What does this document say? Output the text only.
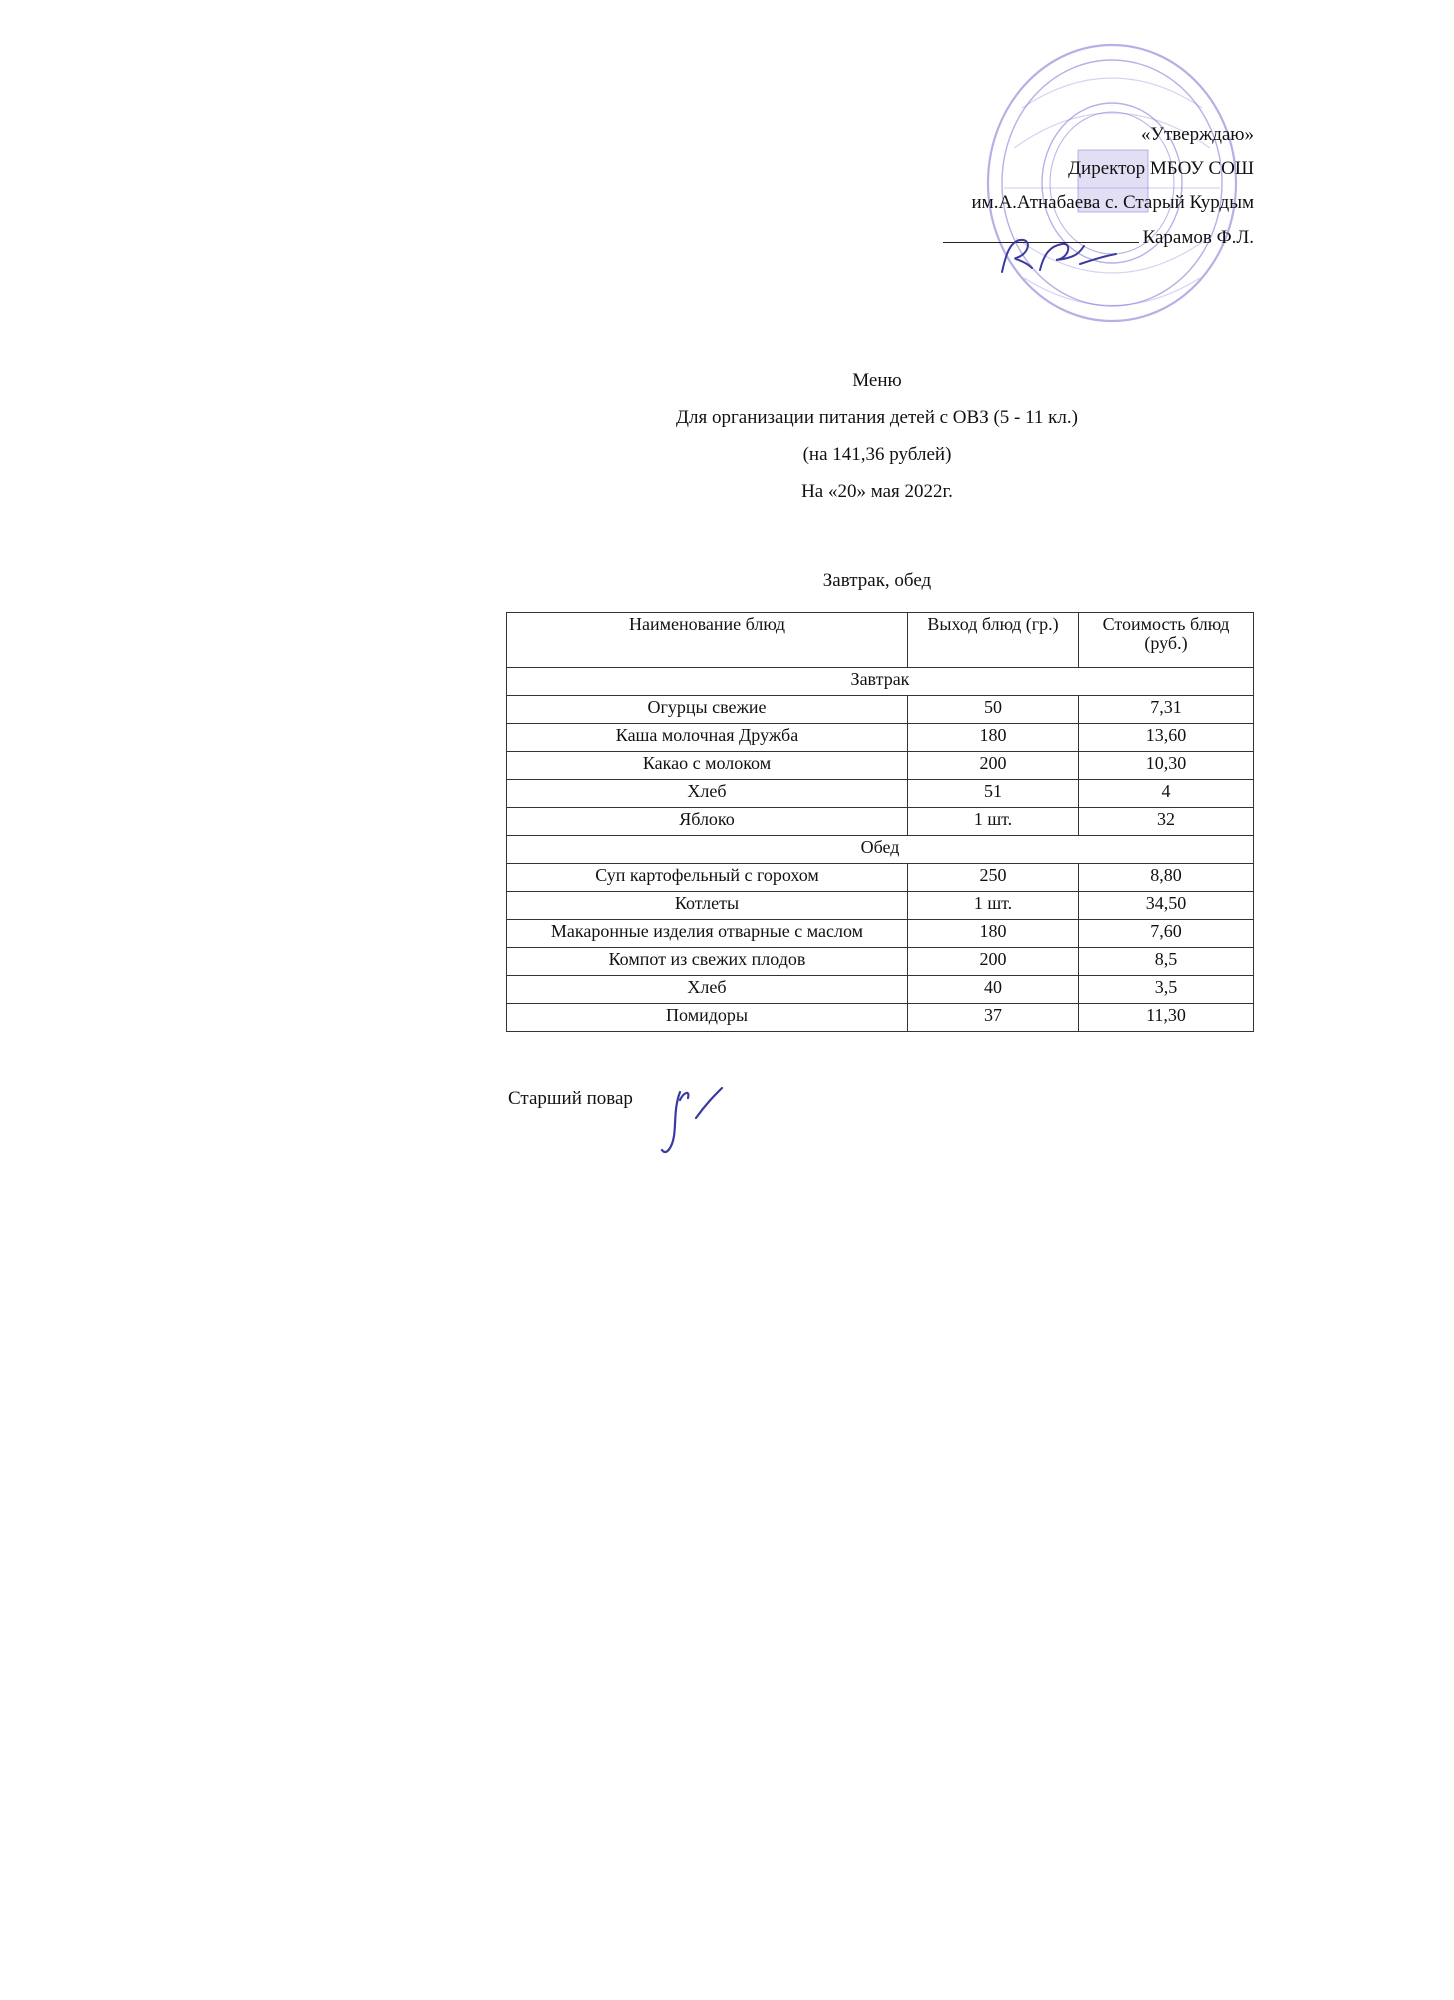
«Утверждаю»
Директор МБОУ СОШ
им.А.Атнабаева с. Старый Курдым
Карамов Ф.Л.
Меню
Для организации питания детей с ОВЗ (5 - 11 кл.)
(на 141,36 рублей)
На «20» мая 2022г.
Завтрак, обед
Наименование блюд	Выход блюд (гр.)	Стоимость блюд (руб.)
Завтрак		
Огурцы свежие	50	7,31
Каша молочная Дружба	180	13,60
Какао с молоком	200	10,30
Хлеб	51	4
Яблоко	1 шт.	32
Обед		
Суп картофельный с горохом	250	8,80
Котлеты	1 шт.	34,50
Макаронные изделия отварные с маслом	180	7,60
Компот из свежих плодов	200	8,5
Хлеб	40	3,5
Помидоры	37	11,30
Старший повар
